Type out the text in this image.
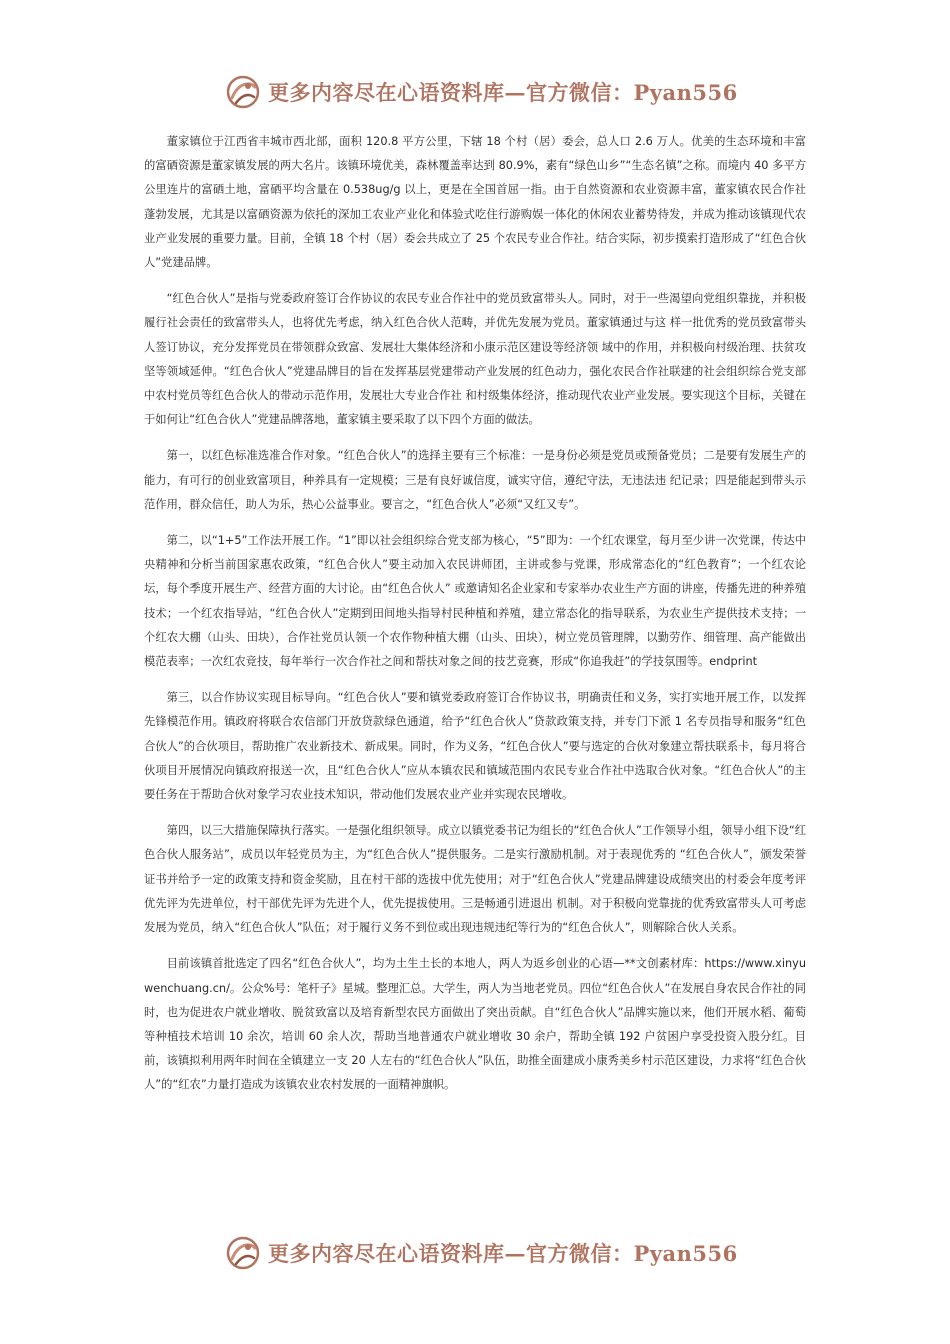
更多内容尽在心语资料库—官方微信：Pyan556

董家镇位于江西省丰城市西北部，面积 120.8 平方公里，下辖 18 个村（居）委会，总人口 2.6 万人。优美的生态环境和丰富的富硒资源是董家镇发展的两大名片。该镇环境优美，森林覆盖率达到 80.9%，素有“绿色山乡”“生态名镇”之称。而境内 40 多平方公里连片的富硒土地，富硒平均含量在 0.538ug/g 以上，更是在全国首屈一指。由于自然资源和农业资源丰富，董家镇农民合作社蓬勃发展，尤其是以富硒资源为依托的深加工农业产业化和体验式吃住行游购娱一体化的休闲农业蓄势待发，并成为推动该镇现代农业产业发展的重要力量。目前，全镇 18 个村（居）委会共成立了 25 个农民专业合作社。结合实际，初步摸索打造形成了“红色合伙人”党建品牌。

“红色合伙人”是指与党委政府签订合作协议的农民专业合作社中的党员致富带头人。同时，对于一些渴望向党组织靠拢，并积极履行社会责任的致富带头人，也将优先考虑，纳入红色合伙人范畴，并优先发展为党员。董家镇通过与这 样一批优秀的党员致富带头人签订协议，充分发挥党员在带领群众致富、发展壮大集体经济和小康示范区建设等经济领 域中的作用，并积极向村级治理、扶贫攻坚等领域延伸。“红色合伙人”党建品牌目的旨在发挥基层党建带动产业发展的红色动力，强化农民合作社联建的社会组织综合党支部中农村党员等红色合伙人的带动示范作用，发展壮大专业合作社 和村级集体经济，推动现代农业产业发展。要实现这个目标，关键在于如何让“红色合伙人”党建品牌落地，董家镇主要采取了以下四个方面的做法。

第一，以红色标准选准合作对象。“红色合伙人”的选择主要有三个标准：一是身份必须是党员或预备党员；二是要有发展生产的能力，有可行的创业致富项目，种养具有一定规模；三是有良好诚信度，诚实守信，遵纪守法，无违法违 纪记录；四是能起到带头示范作用，群众信任，助人为乐，热心公益事业。要言之，“红色合伙人”必须“又红又专”。

第二，以“1+5”工作法开展工作。“1”即以社会组织综合党支部为核心，“5”即为：一个红农课堂，每月至少讲一次党课，传达中央精神和分析当前国家惠农政策，“红色合伙人”要主动加入农民讲师团，主讲或参与党课，形成常态化的“红色教育”；一个红农论坛，每个季度开展生产、经营方面的大讨论。由“红色合伙人” 或邀请知名企业家和专家举办农业生产方面的讲座，传播先进的种养殖技术；一个红农指导站，“红色合伙人”定期到田间地头指导村民种植和养殖，建立常态化的指导联系，为农业生产提供技术支持；一个红农大棚（山头、田块），合作社党员认领一个农作物种植大棚（山头、田块），树立党员管理牌，以勤劳作、细管理、高产能做出模范表率；一次红农竞技，每年举行一次合作社之间和帮扶对象之间的技艺竞赛，形成“你追我赶”的学技氛围等。endprint

第三，以合作协议实现目标导向。“红色合伙人”要和镇党委政府签订合作协议书，明确责任和义务，实打实地开展工作，以发挥先锋模范作用。镇政府将联合农信部门开放贷款绿色通道，给予“红色合伙人”贷款政策支持，并专门下派 1 名专员指导和服务“红色合伙人”的合伙项目，帮助推广农业新技术、新成果。同时，作为义务，“红色合伙人”要与选定的合伙对象建立帮扶联系卡，每月将合伙项目开展情况向镇政府报送一次，且“红色合伙人”应从本镇农民和镇域范围内农民专业合作社中选取合伙对象。“红色合伙人”的主要任务在于帮助合伙对象学习农业技术知识，带动他们发展农业产业并实现农民增收。

第四，以三大措施保障执行落实。一是强化组织领导。成立以镇党委书记为组长的“红色合伙人”工作领导小组，领导小组下设“红色合伙人服务站”，成员以年轻党员为主，为“红色合伙人”提供服务。二是实行激励机制。对于表现优秀的 “红色合伙人”，颁发荣誉证书并给予一定的政策支持和资金奖励，且在村干部的选拔中优先使用；对于“红色合伙人”党建品牌建设成绩突出的村委会年度考评优先评为先进单位，村干部优先评为先进个人，优先提拔使用。三是畅通引进退出 机制。对于积极向党靠拢的优秀致富带头人可考虑发展为党员，纳入“红色合伙人”队伍；对于履行义务不到位或出现违规违纪等行为的“红色合伙人”，则解除合伙人关系。

目前该镇首批选定了四名“红色合伙人”，均为土生土长的本地人，两人为返乡创业的心语—**文创素材库：https://www.xinyuwenchuang.cn/。公众%号：笔杆子》星城。整理汇总。大学生，两人为当地老党员。四位“红色合伙人”在发展自身农民合作社的同时，也为促进农户就业增收、脱贫致富以及培育新型农民方面做出了突出贡献。自“红色合伙人”品牌实施以来，他们开展水稻、葡萄等种植技术培训 10 余次，培训 60 余人次，帮助当地普通农户就业增收 30 余户，帮助全镇 192 户贫困户享受投资入股分红。目前，该镇拟利用两年时间在全镇建立一支 20 人左右的“红色合伙人”队伍，助推全面建成小康秀美乡村示范区建设，力求将“红色合伙人”的“红农”力量打造成为该镇农业农村发展的一面精神旗帜。

更多内容尽在心语资料库—官方微信：Pyan556
